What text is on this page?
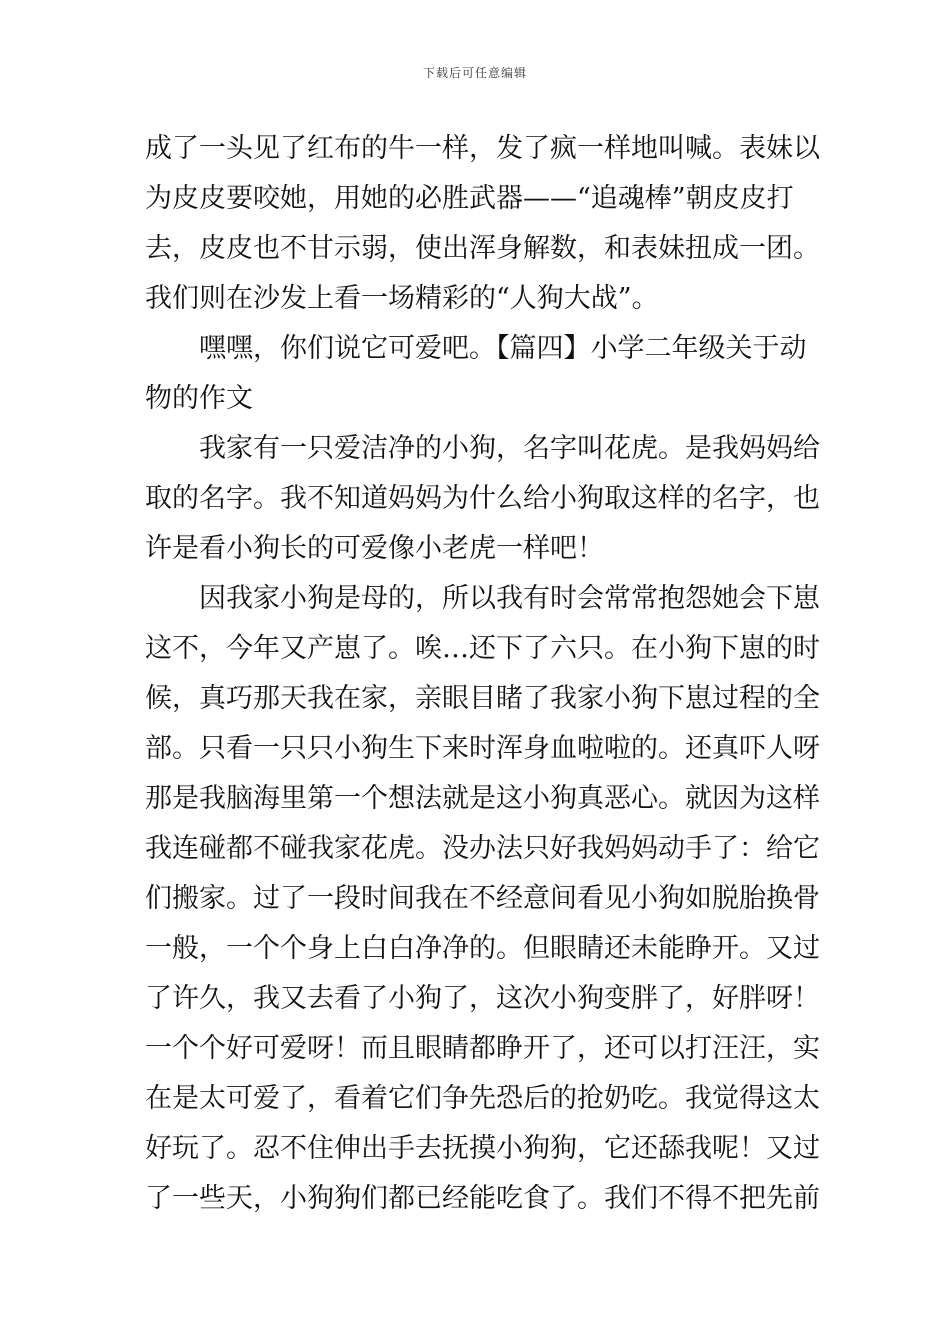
下载后可任意编辑
成了一头见了红布的牛一样，发了疯一样地叫喊。表妹以
为皮皮要咬她，用她的必胜武器——“追魂棒”朝皮皮打
去，皮皮也不甘示弱，使出浑身解数，和表妹扭成一团。
我们则在沙发上看一场精彩的“人狗大战”。
嘿嘿，你们说它可爱吧。【篇四】小学二年级关于动
物的作文
我家有一只爱洁净的小狗，名字叫花虎。是我妈妈给
取的名字。我不知道妈妈为什么给小狗取这样的名字，也
许是看小狗长的可爱像小老虎一样吧！
因我家小狗是母的，所以我有时会常常抱怨她会下崽
这不，今年又产崽了。唉…还下了六只。在小狗下崽的时
候，真巧那天我在家，亲眼目睹了我家小狗下崽过程的全
部。只看一只只小狗生下来时浑身血啦啦的。还真吓人呀
那是我脑海里第一个想法就是这小狗真恶心。就因为这样
我连碰都不碰我家花虎。没办法只好我妈妈动手了：给它
们搬家。过了一段时间我在不经意间看见小狗如脱胎换骨
一般，一个个身上白白净净的。但眼睛还未能睁开。又过
了许久，我又去看了小狗了，这次小狗变胖了，好胖呀！
一个个好可爱呀！而且眼睛都睁开了，还可以打汪汪，实
在是太可爱了，看着它们争先恐后的抢奶吃。我觉得这太
好玩了。忍不住伸出手去抚摸小狗狗，它还舔我呢！又过
了一些天，小狗狗们都已经能吃食了。我们不得不把先前
